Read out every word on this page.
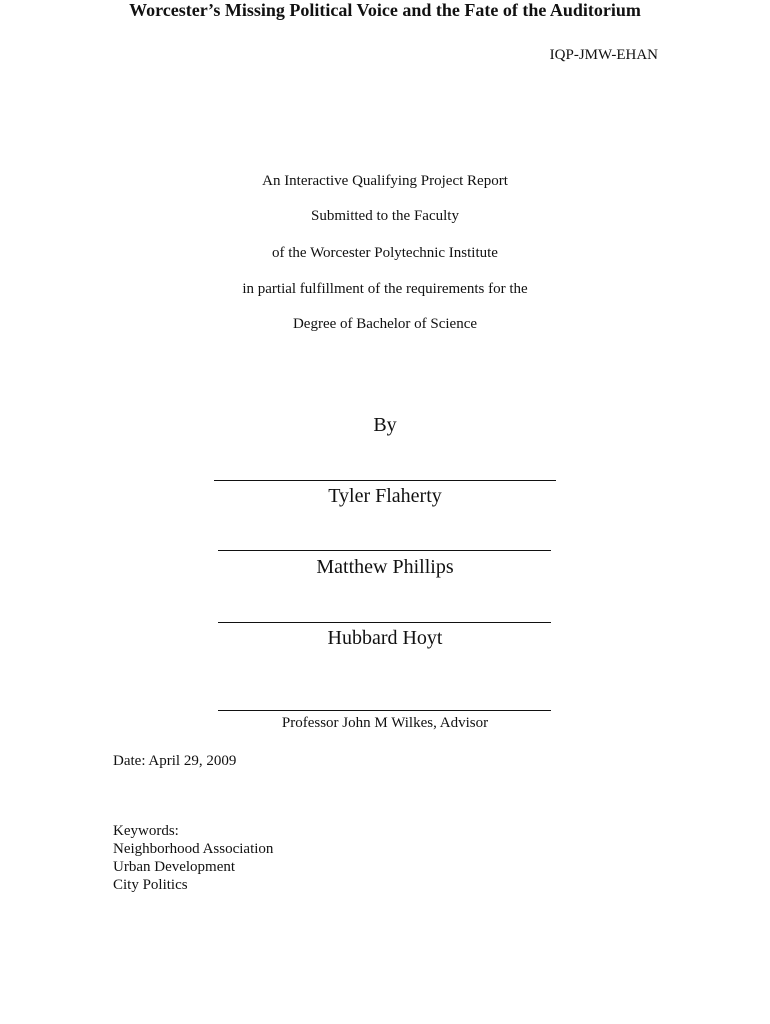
IQP-JMW-EHAN
Worcester’s Missing Political Voice and the Fate of the Auditorium
An Interactive Qualifying Project Report
Submitted to the Faculty
of the Worcester Polytechnic Institute
in partial fulfillment of the requirements for the
Degree of Bachelor of Science
By
Tyler Flaherty
Matthew Phillips
Hubbard Hoyt
Professor John M Wilkes, Advisor
Date: April 29, 2009
Keywords:
Neighborhood Association
Urban Development
City Politics
